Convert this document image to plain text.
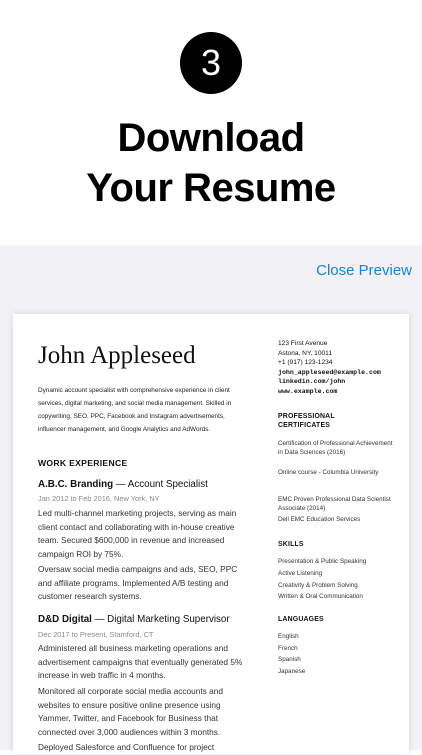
3
Download
Your Resume
Close Preview
John Appleseed
Dynamic account specialist with comprehensive experience in client services, digital marketing, and social media management. Skilled in copywriting, SEO, PPC, Facebook and Instagram advertisements, influencer management, and Google Analytics and AdWords.
WORK EXPERIENCE
A.B.C. Branding — Account Specialist
Jan 2012 to Feb 2016, New York, NY
Led multi-channel marketing projects, serving as main client contact and collaborating with in-house creative team. Secured $600,000 in revenue and increased campaign ROI by 75%.
Oversaw social media campaigns and ads, SEO, PPC and affiliate programs. Implemented A/B testing and customer research systems.
D&D Digital — Digital Marketing Supervisor
Dec 2017 to Present, Stamford, CT
Administered all business marketing operations and advertisement campaigns that eventually generated 5% increase in web traffic in 4 months.
Monitored all corporate social media accounts and websites to ensure positive online presence using Yammer, Twitter, and Facebook for Business that connected over 3,000 audiences within 3 months.
Deployed Salesforce and Confluence for project
123 First Avenue
Astoria, NY, 10011
+1 (917) 123-1234
john_appleseed@example.com
linkedin.com/john
www.example.com
PROFESSIONAL CERTIFICATES
Certification of Professional Achievement in Data Sciences (2016)
Online course - Columbia University
EMC Proven Professional Data Scientist Associate (2014)
Dell EMC Education Services
SKILLS
Presentation & Public Speaking
Active Listening
Creativity & Problem Solving
Written & Oral Communication
LANGUAGES
English
French
Spanish
Japanese
